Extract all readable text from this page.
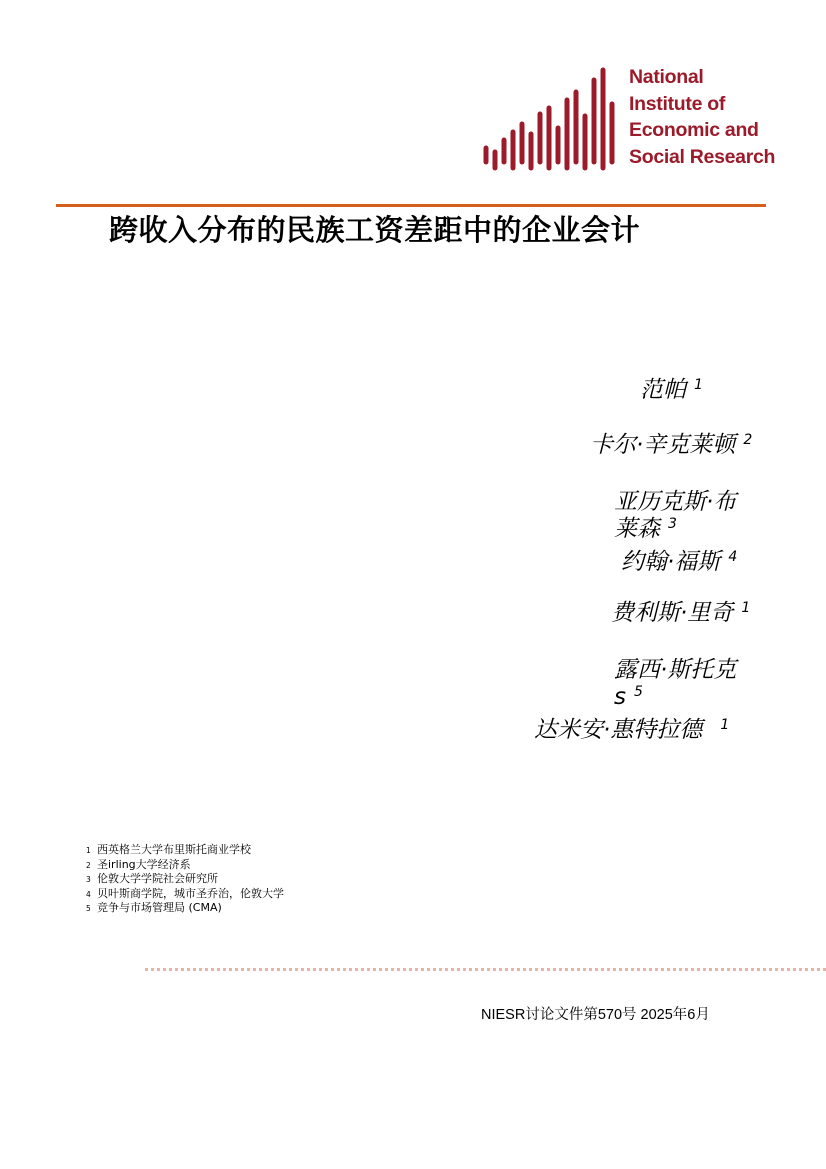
National
Institute of
Economic and
Social Research
跨收入分布的民族工资差距中的企业会计
范帕 $^1$
卡尔·辛克莱顿 $^2$
亚历克斯·布
莱森 $^3$
约翰·福斯 $^4$
费利斯·里奇 $^1$
露西·斯托克
s $^5$
达米安·惠特拉德 $^1$
1 西英格兰大学布里斯托商业学校
2 圣irling大学经济系
3 伦敦大学学院社会研究所
4 贝叶斯商学院，城市圣乔治，伦敦大学
5 竞争与市场管理局 (CMA)
NIESR讨论文件第570号 2025年6月
